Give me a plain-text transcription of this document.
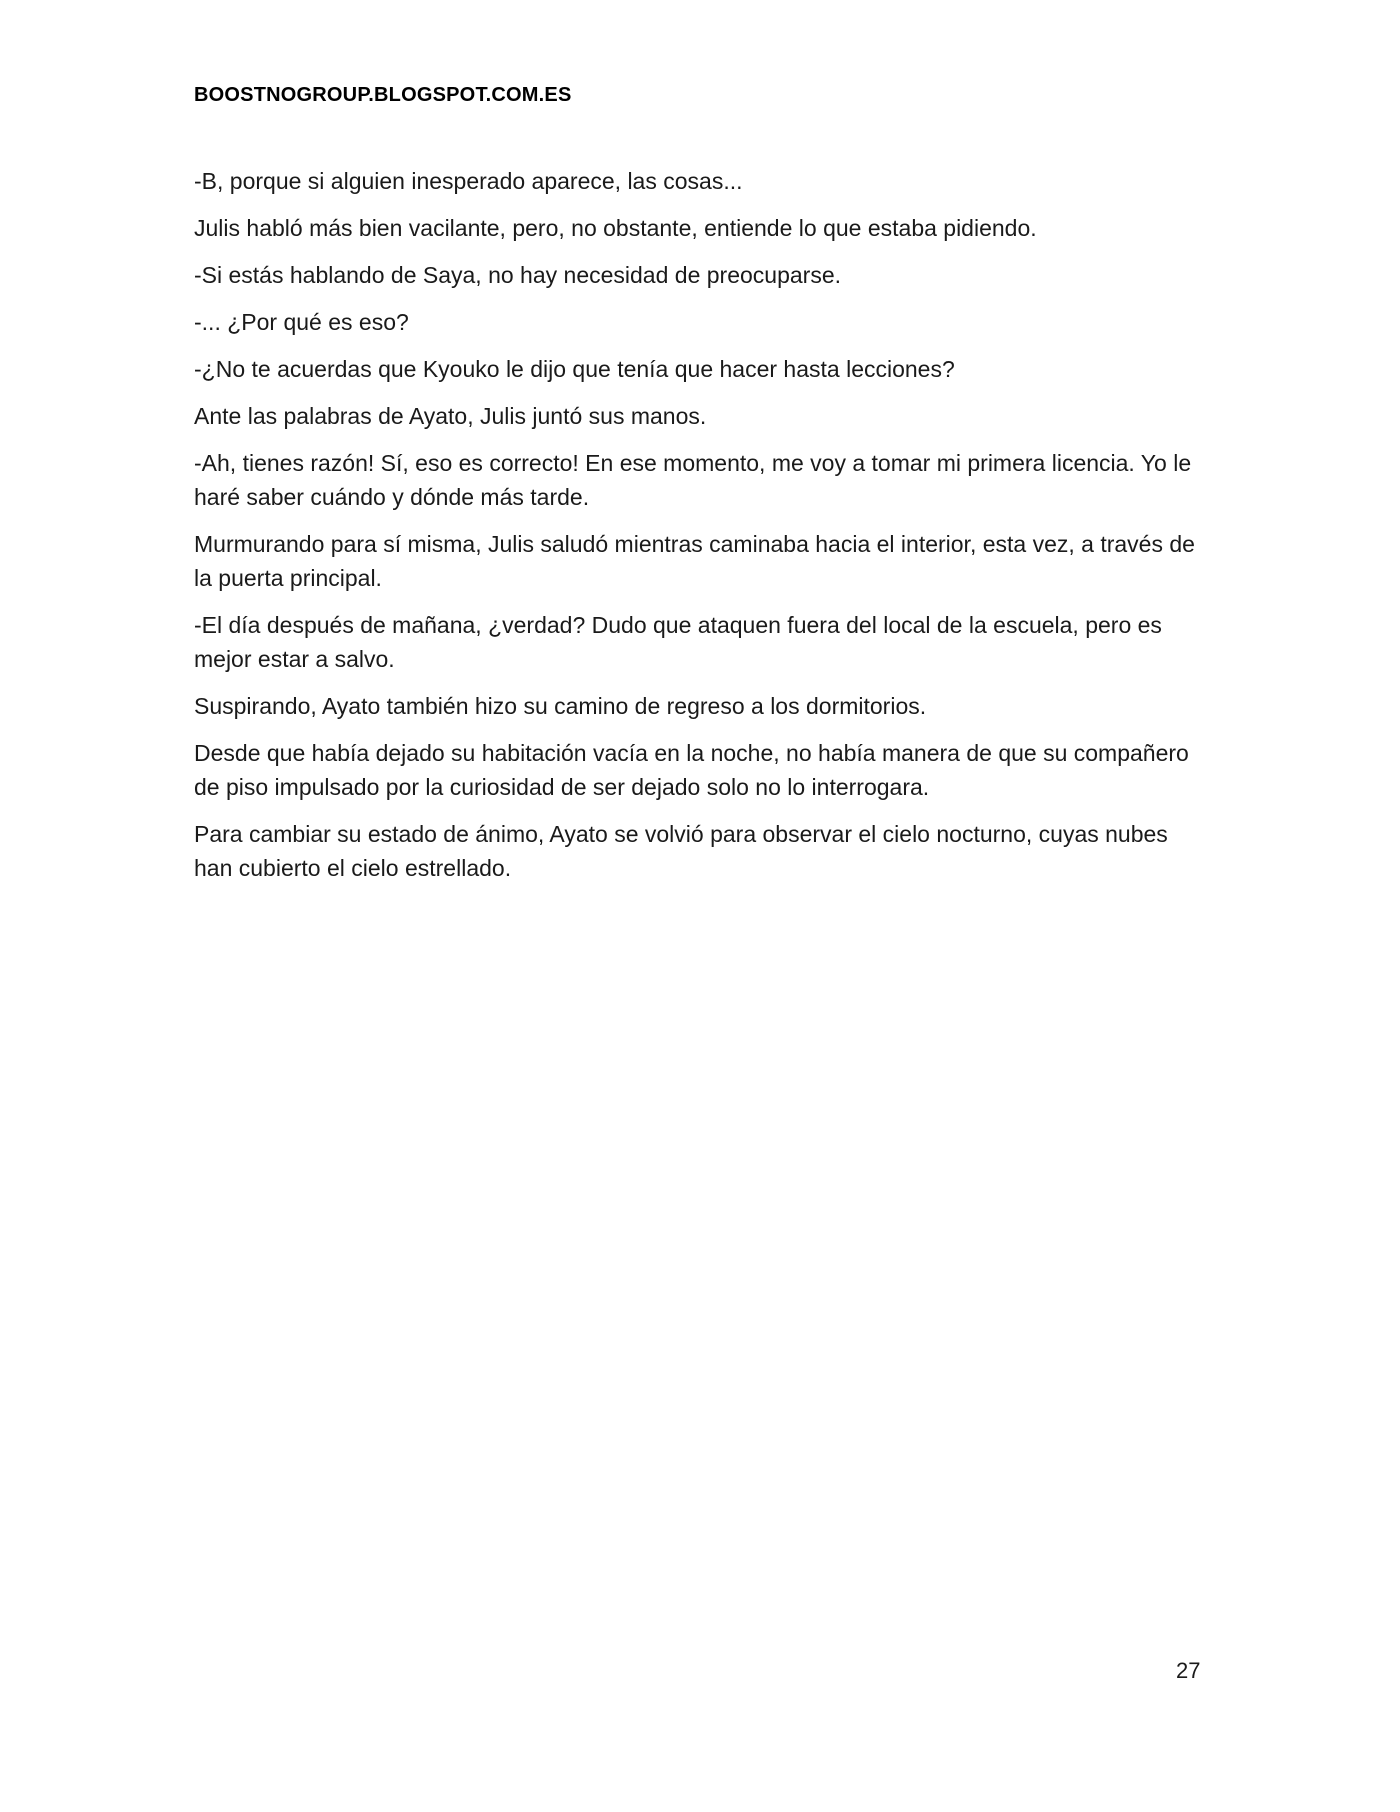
BOOSTNOGROUP.BLOGSPOT.COM.ES

-B, porque si alguien inesperado aparece, las cosas...

Julis habló más bien vacilante, pero, no obstante, entiende lo que estaba pidiendo.

-Si estás hablando de Saya, no hay necesidad de preocuparse.

-... ¿Por qué es eso?

-¿No te acuerdas que Kyouko le dijo que tenía que hacer hasta lecciones?

Ante las palabras de Ayato, Julis juntó sus manos.

-Ah, tienes razón! Sí, eso es correcto! En ese momento, me voy a tomar mi primera licencia. Yo le haré saber cuándo y dónde más tarde.

Murmurando para sí misma, Julis saludó mientras caminaba hacia el interior, esta vez, a través de la puerta principal.

-El día después de mañana, ¿verdad? Dudo que ataquen fuera del local de la escuela, pero es mejor estar a salvo.

Suspirando, Ayato también hizo su camino de regreso a los dormitorios.

Desde que había dejado su habitación vacía en la noche, no había manera de que su compañero de piso impulsado por la curiosidad de ser dejado solo no lo interrogara.

Para cambiar su estado de ánimo, Ayato se volvió para observar el cielo nocturno, cuyas nubes han cubierto el cielo estrellado.

27
